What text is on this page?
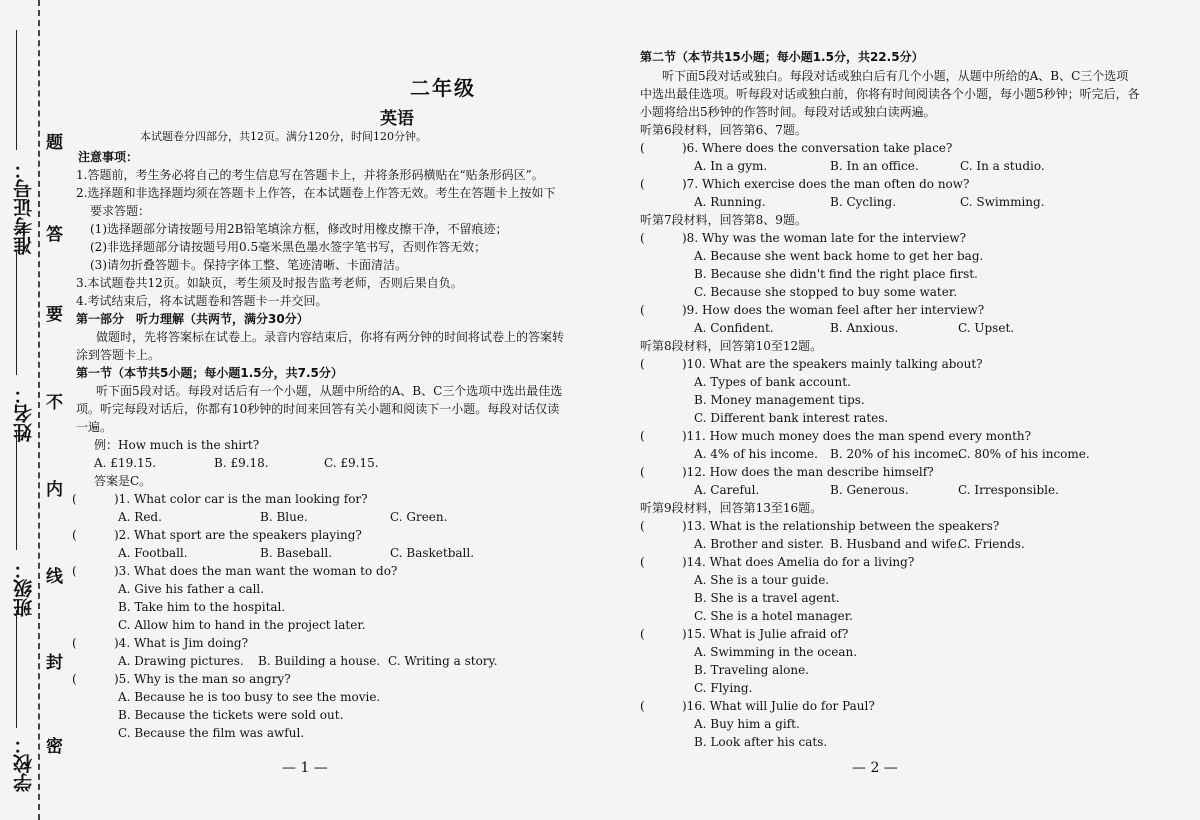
准考证号：
姓名：
班级：
学校：
题
答
要
不
内
线
封
密
二年级
英语
本试题卷分四部分，共12页。满分120分，时间120分钟。
注意事项：
1.答题前，考生务必将自己的考生信息写在答题卡上，并将条形码横贴在“贴条形码区”。
2.选择题和非选择题均须在答题卡上作答，在本试题卷上作答无效。考生在答题卡上按如下
要求答题：
(1)选择题部分请按题号用2B铅笔填涂方框，修改时用橡皮擦干净，不留痕迹；
(2)非选择题部分请按题号用0.5毫米黑色墨水签字笔书写，否则作答无效；
(3)请勿折叠答题卡。保持字体工整、笔迹清晰、卡面清洁。
3.本试题卷共12页。如缺页，考生须及时报告监考老师，否则后果自负。
4.考试结束后，将本试题卷和答题卡一并交回。
第一部分　听力理解（共两节，满分30分）
做题时，先将答案标在试卷上。录音内容结束后，你将有两分钟的时间将试卷上的答案转
涂到答题卡上。
第一节（本节共5小题；每小题1.5分，共7.5分）
听下面5段对话。每段对话后有一个小题，从题中所给的A、B、C三个选项中选出最佳选
项。听完每段对话后，你都有10秒钟的时间来回答有关小题和阅读下一小题。每段对话仅读
一遍。
例：How much is the shirt?
A. £19.15.	B. £9.18.	C. £9.15.
答案是C。
(	)1. What color car is the man looking for?
A. Red.	B. Blue.	C. Green.
(	)2. What sport are the speakers playing?
A. Football.	B. Baseball.	C. Basketball.
(	)3. What does the man want the woman to do?
A. Give his father a call.
B. Take him to the hospital.
C. Allow him to hand in the project later.
(	)4. What is Jim doing?
A. Drawing pictures. B. Building a house. C. Writing a story.
(	)5. Why is the man so angry?
A. Because he is too busy to see the movie.
B. Because the tickets were sold out.
C. Because the film was awful.
— 1 —
第二节（本节共15小题；每小题1.5分，共22.5分）
听下面5段对话或独白。每段对话或独白后有几个小题，从题中所给的A、B、C三个选项
中选出最佳选项。听每段对话或独白前，你将有时间阅读各个小题，每小题5秒钟；听完后，各
小题将给出5秒钟的作答时间。每段对话或独白读两遍。
听第6段材料，回答第6、7题。
(	)6. Where does the conversation take place?
A. In a gym.	B. In an office.	C. In a studio.
(	)7. Which exercise does the man often do now?
A. Running.	B. Cycling.	C. Swimming.
听第7段材料，回答第8、9题。
(	)8. Why was the woman late for the interview?
A. Because she went back home to get her bag.
B. Because she didn't find the right place first.
C. Because she stopped to buy some water.
(	)9. How does the woman feel after her interview?
A. Confident.	B. Anxious.	C. Upset.
听第8段材料，回答第10至12题。
(	)10. What are the speakers mainly talking about?
A. Types of bank account.
B. Money management tips.
C. Different bank interest rates.
(	)11. How much money does the man spend every month?
A. 4% of his income. B. 20% of his income.
C. 80% of his income.
(	)12. How does the man describe himself?
A. Careful.	B. Generous.	C. Irresponsible.
听第9段材料，回答第13至16题。
(	)13. What is the relationship between the speakers?
A. Brother and sister. B. Husband and wife.
C. Friends.
(	)14. What does Amelia do for a living?
A. She is a tour guide.
B. She is a travel agent.
C. She is a hotel manager.
(	)15. What is Julie afraid of?
A. Swimming in the ocean.
B. Traveling alone.
C. Flying.
(	)16. What will Julie do for Paul?
A. Buy him a gift.
B. Look after his cats.
— 2 —
